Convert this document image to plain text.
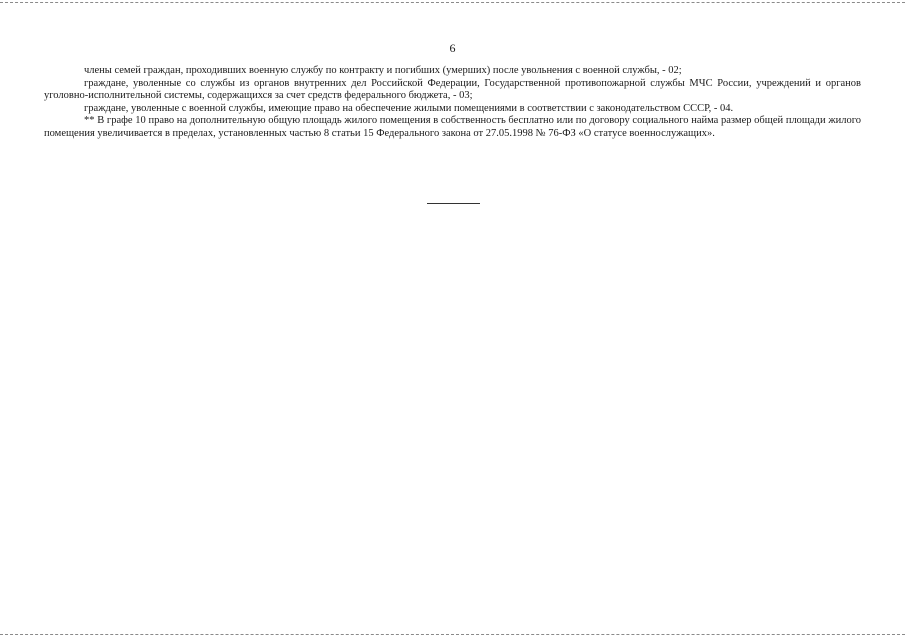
6

члены семей граждан, проходивших военную службу по контракту и погибших (умерших) после увольнения с военной службы, - 02;

граждане, уволенные со службы из органов внутренних дел Российской Федерации, Государственной противопожарной службы МЧС России, учреждений и органов уголовно-исполнительной системы, содержащихся за счет средств федерального бюджета, - 03;

граждане, уволенные с военной службы, имеющие право на обеспечение жилыми помещениями в соответствии с законодательством СССР, - 04.

** В графе 10 право на дополнительную общую площадь жилого помещения в собственность бесплатно или по договору социального найма размер общей площади жилого помещения увеличивается в пределах, установленных частью 8 статьи 15 Федерального закона от 27.05.1998 № 76-ФЗ «О статусе военнослужащих».
